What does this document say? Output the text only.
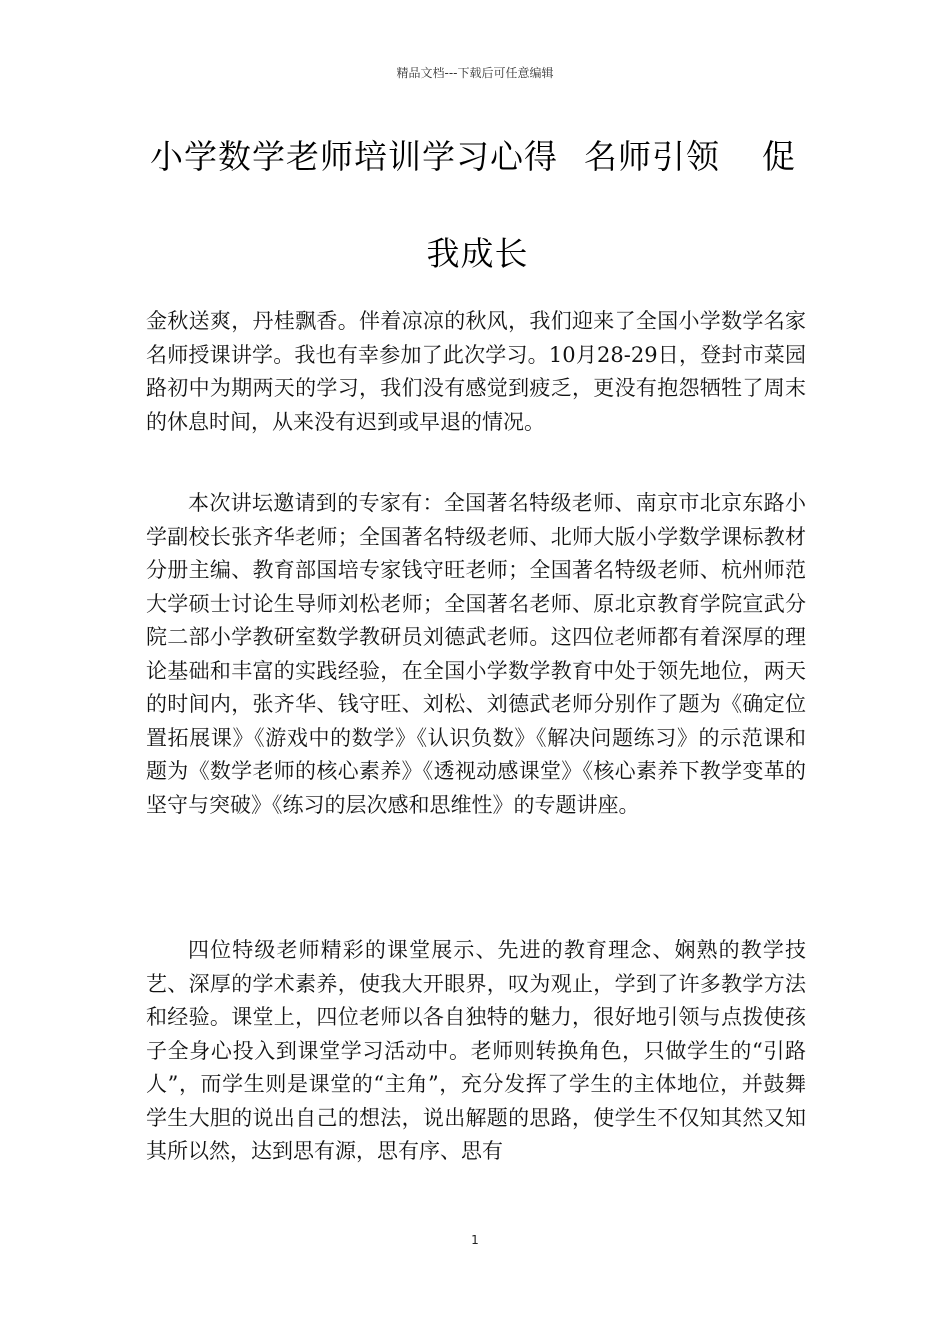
精品文档---下载后可任意编辑
小学数学老师培训学习心得 名师引领 促
我成长

金秋送爽，丹桂飘香。伴着凉凉的秋风，我们迎来了全国小学数学名家名师授课讲学。我也有幸参加了此次学习。10月28-29日，登封市菜园路初中为期两天的学习，我们没有感觉到疲乏，更没有抱怨牺牲了周末的休息时间，从来没有迟到或早退的情况。

本次讲坛邀请到的专家有：全国著名特级老师、南京市北京东路小学副校长张齐华老师；全国著名特级老师、北师大版小学数学课标教材分册主编、教育部国培专家钱守旺老师；全国著名特级老师、杭州师范大学硕士讨论生导师刘松老师；全国著名老师、原北京教育学院宣武分院二部小学教研室数学教研员刘德武老师。这四位老师都有着深厚的理论基础和丰富的实践经验，在全国小学数学教育中处于领先地位，两天的时间内，张齐华、钱守旺、刘松、刘德武老师分别作了题为《确定位置拓展课》《游戏中的数学》《认识负数》《解决问题练习》的示范课和题为《数学老师的核心素养》《透视动感课堂》《核心素养下教学变革的坚守与突破》《练习的层次感和思维性》的专题讲座。

四位特级老师精彩的课堂展示、先进的教育理念、娴熟的教学技艺、深厚的学术素养，使我大开眼界，叹为观止，学到了许多教学方法和经验。课堂上，四位老师以各自独特的魅力，很好地引领与点拨使孩子全身心投入到课堂学习活动中。老师则转换角色，只做学生的“引路人”，而学生则是课堂的“主角”，充分发挥了学生的主体地位，并鼓舞学生大胆的说出自己的想法，说出解题的思路，使学生不仅知其然又知其所以然，达到思有源，思有序、思有

1
